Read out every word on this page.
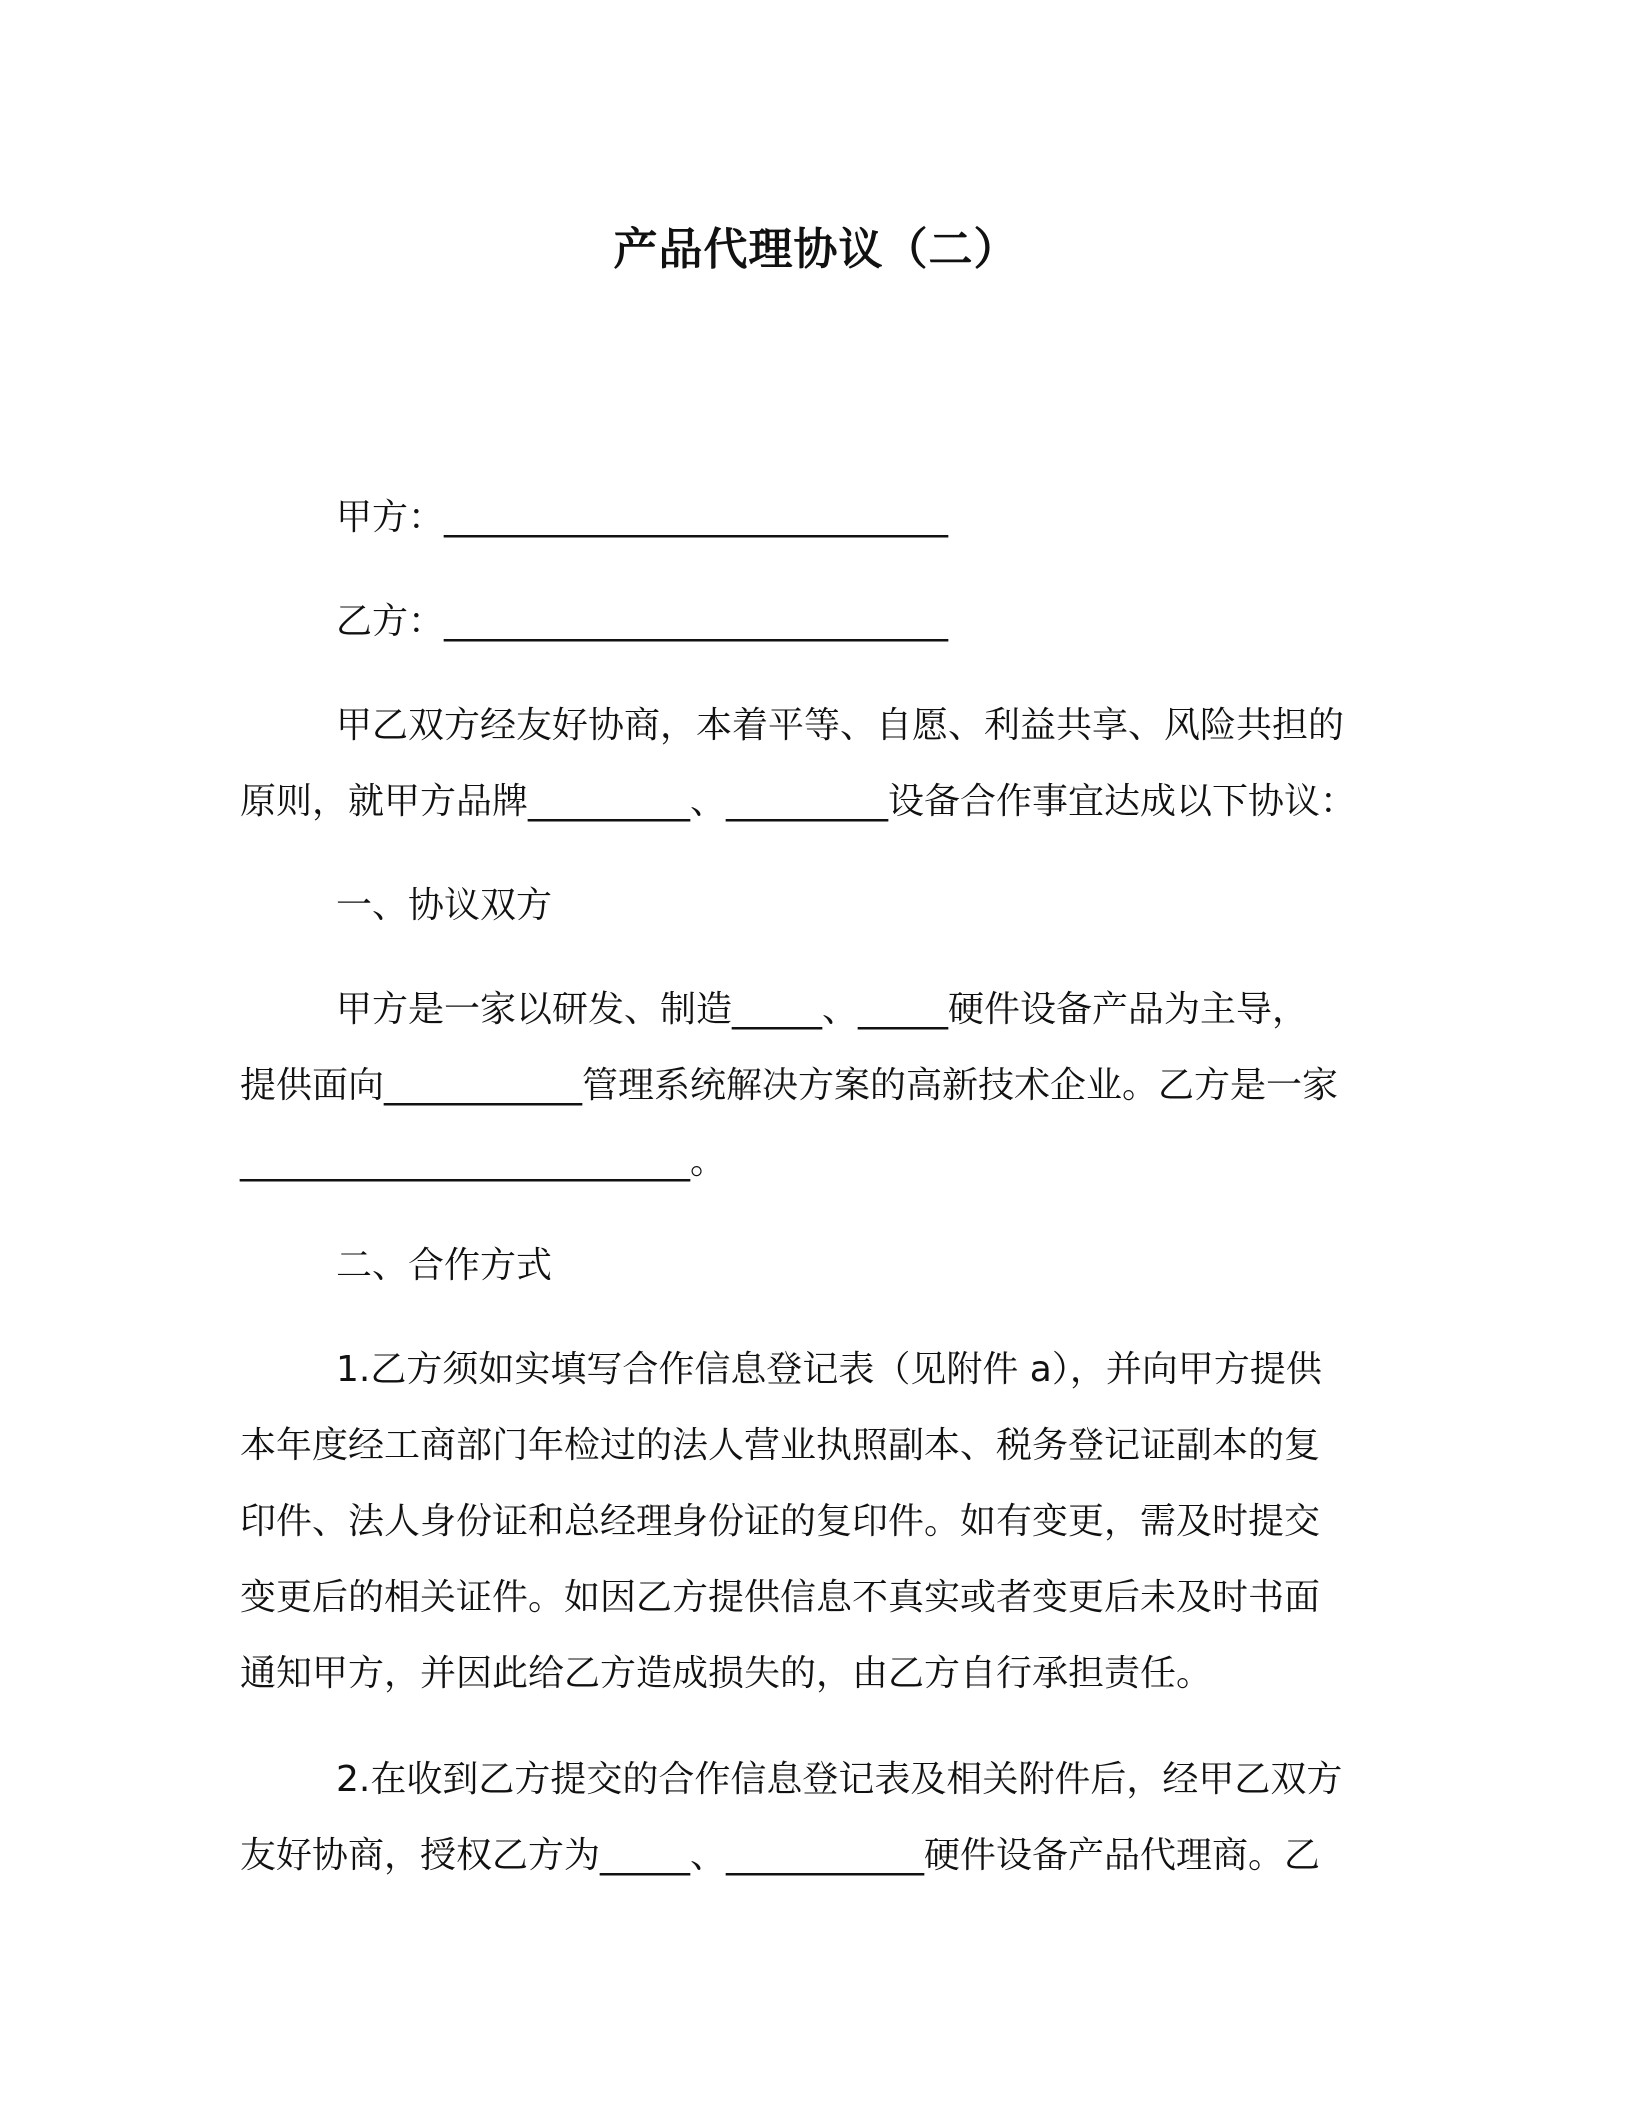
产品代理协议（二）

甲方：____________________________

乙方：____________________________

甲乙双方经友好协商，本着平等、自愿、利益共享、风险共担的
原则，就甲方品牌_________、_________设备合作事宜达成以下协议：

一、协议双方

甲方是一家以研发、制造_____、_____硬件设备产品为主导，
提供面向___________管理系统解决方案的高新技术企业。乙方是一家
_________________________。

二、合作方式

1.乙方须如实填写合作信息登记表（见附件 a），并向甲方提供
本年度经工商部门年检过的法人营业执照副本、税务登记证副本的复
印件、法人身份证和总经理身份证的复印件。如有变更，需及时提交
变更后的相关证件。如因乙方提供信息不真实或者变更后未及时书面
通知甲方，并因此给乙方造成损失的，由乙方自行承担责任。

2.在收到乙方提交的合作信息登记表及相关附件后，经甲乙双方
友好协商，授权乙方为_____、___________硬件设备产品代理商。乙
